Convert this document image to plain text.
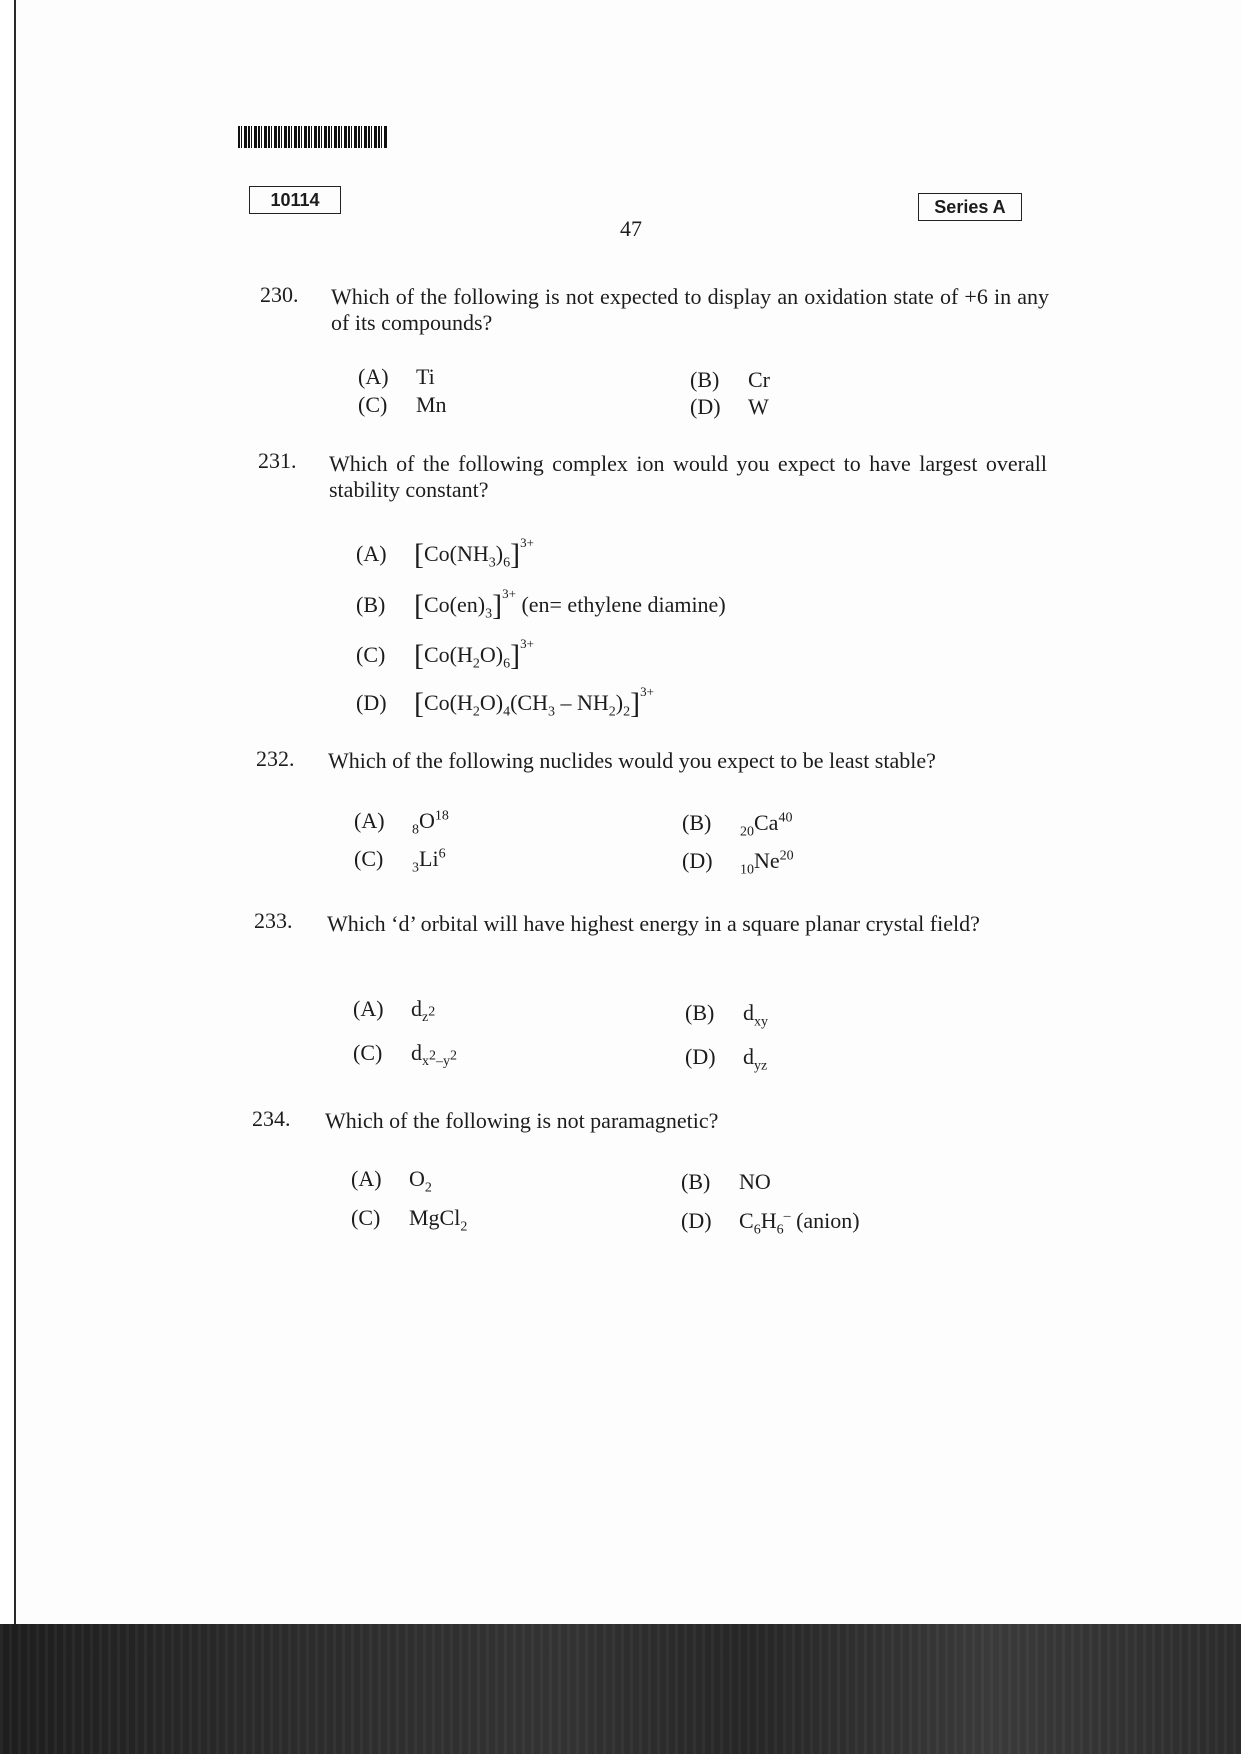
10114	Series A
47
230. Which of the following is not expected to display an oxidation state of +6 in any of its compounds?
(A) Ti	(B) Cr
(C) Mn	(D) W
231. Which of the following complex ion would you expect to have largest overall stability constant?
(A) $[Co(NH_3)_6]^{3+}$
(B) $[Co(en)_3]^{3+}$ (en= ethylene diamine)
(C) $[Co(H_2O)_6]^{3+}$
(D) $[Co(H_2O)_4(CH_3 - NH_2)_2]^{3+}$
232. Which of the following nuclides would you expect to be least stable?
(A) $_8O^{18}$	(B) $_{20}Ca^{40}$
(C) $_3Li^6$	(D) $_{10}Ne^{20}$
233. Which ‘d’ orbital will have highest energy in a square planar crystal field?
(A) $d_{z^2}$	(B) $d_{xy}$
(C) $d_{x^2-y^2}$	(D) $d_{yz}$
234. Which of the following is not paramagnetic?
(A) $O_2$	(B) NO
(C) MgCl$_2$	(D) $C_6H_6^-$ (anion)
